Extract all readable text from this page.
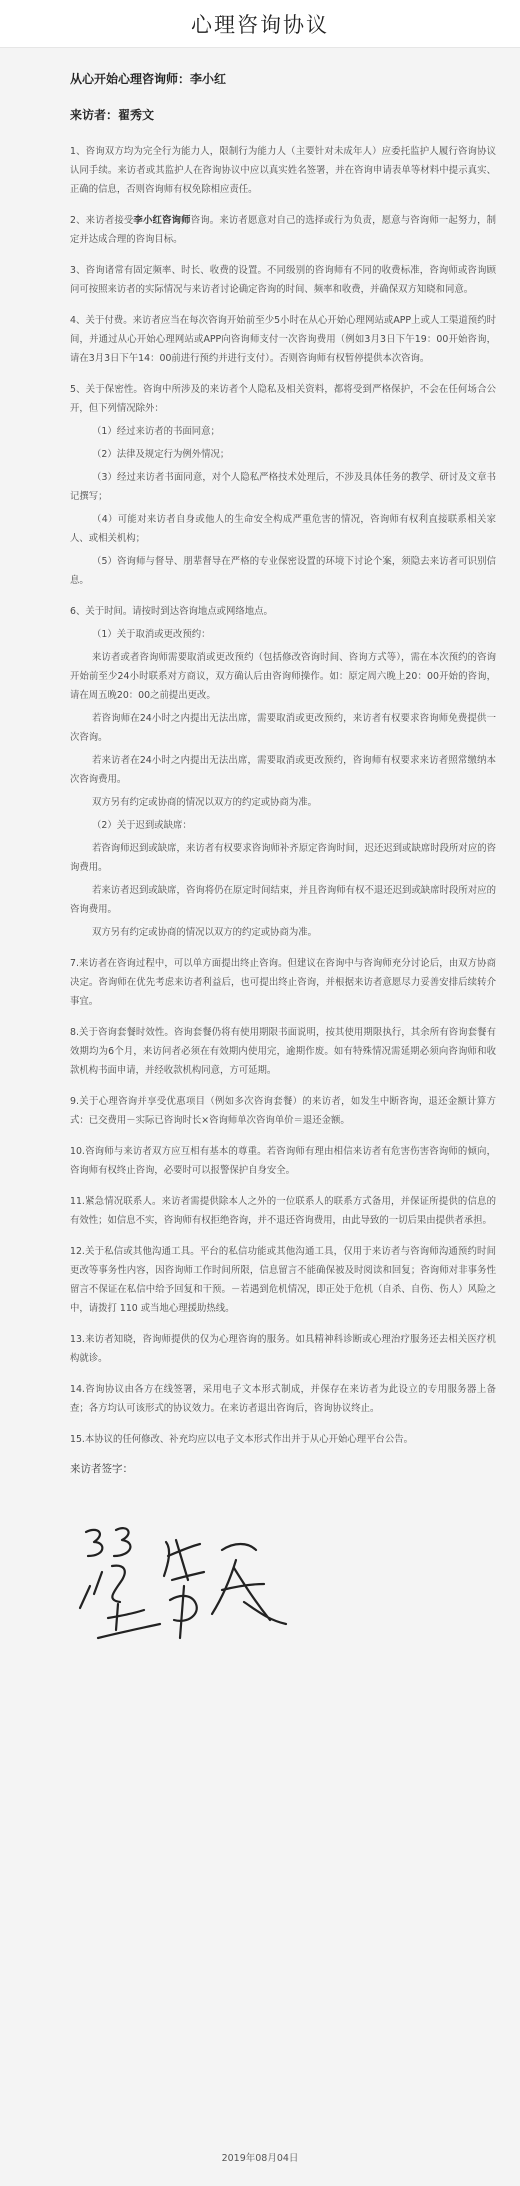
心理咨询协议
从心开始心理咨询师：李小红
来访者：翟秀文

1、咨询双方均为完全行为能力人，限制行为能力人（主要针对未成年人）应委托监护人履行咨询协议认同手续。来访者或其监护人在咨询协议中应以真实姓名签署，并在咨询申请表单等材料中提示真实、正确的信息，否则咨询师有权免除相应责任。

2、来访者接受李小红咨询师咨询。来访者愿意对自己的选择或行为负责，愿意与咨询师一起努力，制定并达成合理的咨询目标。

3、咨询诸常有固定频率、时长、收费的设置。不同级别的咨询师有不同的收费标准，咨询师或咨询顾问可按照来访者的实际情况与来访者讨论确定咨询的时间、频率和收费，并确保双方知晓和同意。

4、关于付费。来访者应当在每次咨询开始前至少5小时在从心开始心理网站或APP上或人工渠道预约时间，并通过从心开始心理网站或APP向咨询师支付一次咨询费用（例如3月3日下午19：00开始咨询，请在3月3日下午14：00前进行预约并进行支付）。否则咨询师有权暂停提供本次咨询。

5、关于保密性。咨询中所涉及的来访者个人隐私及相关资料，都将受到严格保护，不会在任何场合公开，但下列情况除外：

（1）经过来访者的书面同意；

（2）法律及规定行为例外情况；

（3）经过来访者书面同意，对个人隐私严格技术处理后，不涉及具体任务的教学、研讨及文章书记撰写；

（4）可能对来访者自身或他人的生命安全构成严重危害的情况，咨询师有权利直接联系相关家人、或相关机构；

（5）咨询师与督导、朋辈督导在严格的专业保密设置的环境下讨论个案，须隐去来访者可识别信息。

6、关于时间。请按时到达咨询地点或网络地点。

（1）关于取消或更改预约：

来访者或者咨询师需要取消或更改预约（包括修改咨询时间、咨询方式等），需在本次预约的咨询开始前至少24小时联系对方商议，双方确认后由咨询师操作。如：原定周六晚上20：00开始的咨询，请在周五晚20：00之前提出更改。

若咨询师在24小时之内提出无法出席，需要取消或更改预约，来访者有权要求咨询师免费提供一次咨询。

若来访者在24小时之内提出无法出席，需要取消或更改预约，咨询师有权要求来访者照常缴纳本次咨询费用。

双方另有约定或协商的情况以双方的约定或协商为准。

（2）关于迟到或缺席：

若咨询师迟到或缺席，来访者有权要求咨询师补齐原定咨询时间，迟还迟到或缺席时段所对应的咨询费用。

若来访者迟到或缺席，咨询将仍在原定时间结束，并且咨询师有权不退还迟到或缺席时段所对应的咨询费用。

双方另有约定或协商的情况以双方的约定或协商为准。

7.来访者在咨询过程中，可以单方面提出终止咨询。但建议在咨询中与咨询师充分讨论后，由双方协商决定。咨询师在优先考虑来访者利益后，也可提出终止咨询，并根据来访者意愿尽力妥善安排后续转介事宜。

8.关于咨询套餐时效性。咨询套餐仍将有使用期限书面说明，按其使用期限执行，其余所有咨询套餐有效期均为6个月，来访问者必须在有效期内使用完，逾期作废。如有特殊情况需延期必须向咨询师和收款机构书面申请，并经收款机构同意，方可延期。

9.关于心理咨询并享受优惠项目（例如多次咨询套餐）的来访者，如发生中断咨询，退还金额计算方式：已交费用－实际已咨询时长×咨询师单次咨询单价＝退还金额。

10.咨询师与来访者双方应互相有基本的尊重。若咨询师有理由相信来访者有危害伤害咨询师的倾向，咨询师有权终止咨询，必要时可以报警保护自身安全。

11.紧急情况联系人。来访者需提供除本人之外的一位联系人的联系方式备用，并保证所提供的信息的有效性；如信息不实，咨询师有权拒绝咨询，并不退还咨询费用，由此导致的一切后果由提供者承担。

12.关于私信或其他沟通工具。平台的私信功能或其他沟通工具，仅用于来访者与咨询师沟通预约时间更改等事务性内容，因咨询师工作时间所限，信息留言不能确保被及时阅读和回复；咨询师对非事务性留言不保证在私信中给予回复和干预。－若遇到危机情况，即正处于危机（自杀、自伤、伤人）风险之中，请拨打 110 或当地心理援助热线。

13.来访者知晓，咨询师提供的仅为心理咨询的服务。如具精神科诊断或心理治疗服务还去相关医疗机构就诊。

14.咨询协议由各方在线签署，采用电子文本形式制成，并保存在来访者为此设立的专用服务器上备查；各方均认可该形式的协议效力。在来访者退出咨询后，咨询协议终止。

15.本协议的任何修改、补充均应以电子文本形式作出并于从心开始心理平台公告。

来访者签字：
2019年08月04日
